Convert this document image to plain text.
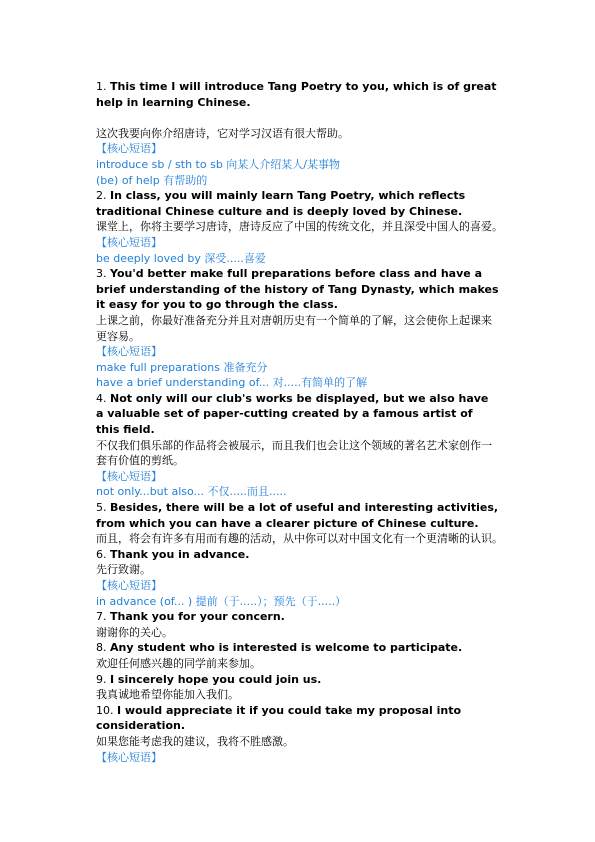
1. This time I will introduce Tang Poetry to you, which is of great
help in learning Chinese.
这次我要向你介绍唐诗，它对学习汉语有很大帮助。
【核心短语】
introduce sb / sth to sb 向某人介绍某人/某事物
(be) of help 有帮助的
2. In class, you will mainly learn Tang Poetry, which reflects
traditional Chinese culture and is deeply loved by Chinese.
课堂上，你将主要学习唐诗，唐诗反应了中国的传统文化，并且深受中国人的喜爱。
【核心短语】
be deeply loved by 深受.....喜爱
3. You'd better make full preparations before class and have a
brief understanding of the history of Tang Dynasty, which makes
it easy for you to go through the class.
上课之前，你最好准备充分并且对唐朝历史有一个简单的了解，这会使你上起课来
更容易。
【核心短语】
make full preparations 准备充分
have a brief understanding of... 对.....有简单的了解
4. Not only will our club's works be displayed, but we also have
a valuable set of paper-cutting created by a famous artist of
this field.
不仅我们俱乐部的作品将会被展示，而且我们也会让这个领域的著名艺术家创作一
套有价值的剪纸。
【核心短语】
not only...but also... 不仅.....而且.....
5. Besides, there will be a lot of useful and interesting activities,
from which you can have a clearer picture of Chinese culture.
而且，将会有许多有用而有趣的活动，从中你可以对中国文化有一个更清晰的认识。
6. Thank you in advance.
先行致谢。
【核心短语】
in advance (of... ) 提前（于.....）；预先（于.....）
7. Thank you for your concern.
谢谢你的关心。
8. Any student who is interested is welcome to participate.
欢迎任何感兴趣的同学前来参加。
9. I sincerely hope you could join us.
我真诚地希望你能加入我们。
10. I would appreciate it if you could take my proposal into
consideration.
如果您能考虑我的建议，我将不胜感激。
【核心短语】
